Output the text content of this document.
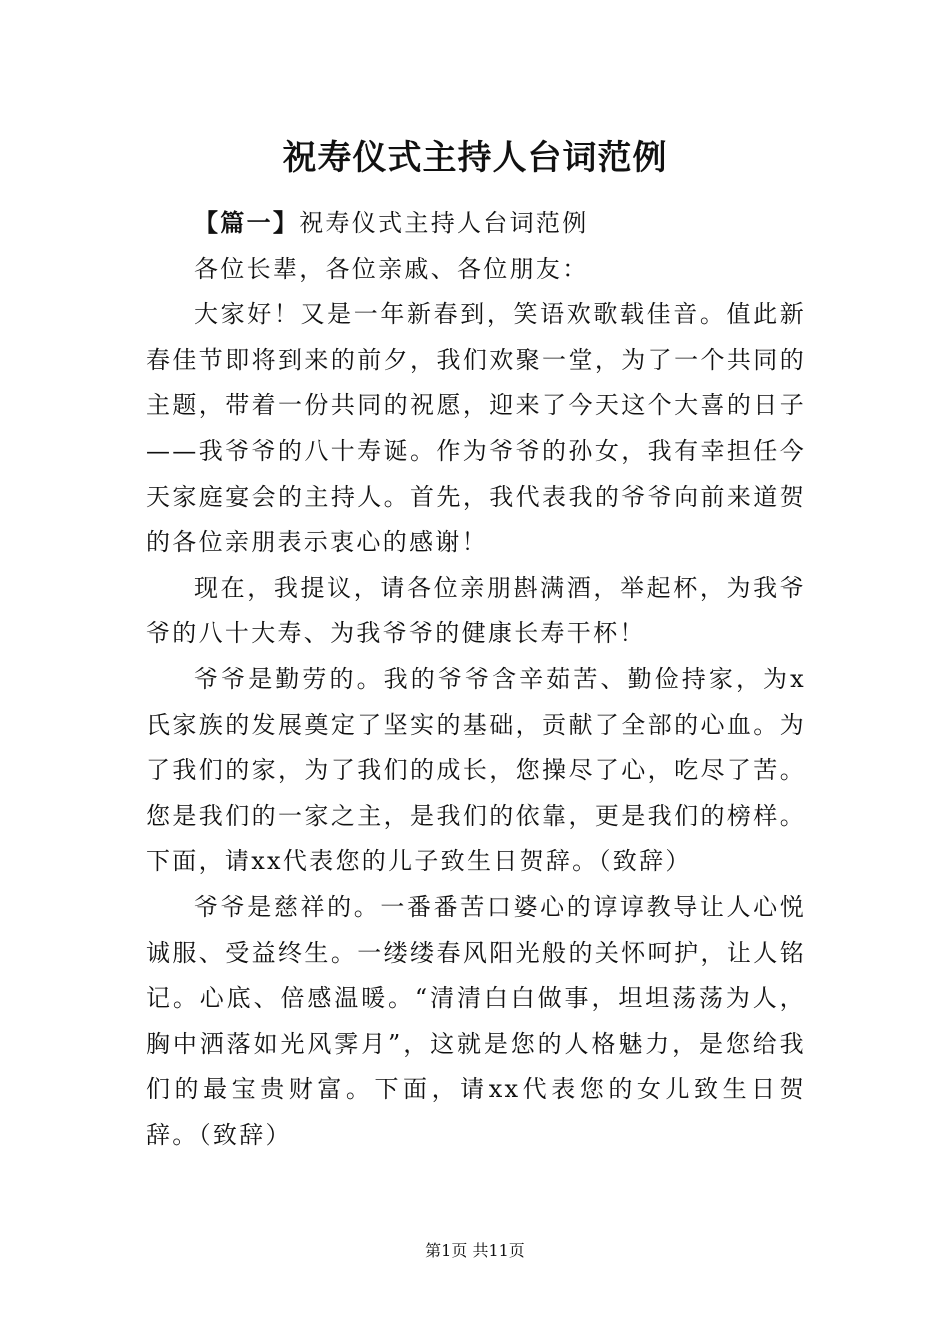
祝寿仪式主持人台词范例

【篇一】祝寿仪式主持人台词范例

各位长辈，各位亲戚、各位朋友：

大家好！又是一年新春到，笑语欢歌载佳音。值此新春佳节即将到来的前夕，我们欢聚一堂，为了一个共同的主题，带着一份共同的祝愿，迎来了今天这个大喜的日子——我爷爷的八十寿诞。作为爷爷的孙女，我有幸担任今天家庭宴会的主持人。首先，我代表我的爷爷向前来道贺的各位亲朋表示衷心的感谢！

现在，我提议，请各位亲朋斟满酒，举起杯，为我爷爷的八十大寿、为我爷爷的健康长寿干杯！

爷爷是勤劳的。我的爷爷含辛茹苦、勤俭持家，为x氏家族的发展奠定了坚实的基础，贡献了全部的心血。为了我们的家，为了我们的成长，您操尽了心，吃尽了苦。您是我们的一家之主，是我们的依靠，更是我们的榜样。下面，请xx代表您的儿子致生日贺辞。（致辞）

爷爷是慈祥的。一番番苦口婆心的谆谆教导让人心悦诚服、受益终生。一缕缕春风阳光般的关怀呵护，让人铭记。心底、倍感温暖。“清清白白做事，坦坦荡荡为人，胸中洒落如光风霁月”，这就是您的人格魅力，是您给我们的最宝贵财富。下面，请xx代表您的女儿致生日贺辞。（致辞）

第1页 共11页
